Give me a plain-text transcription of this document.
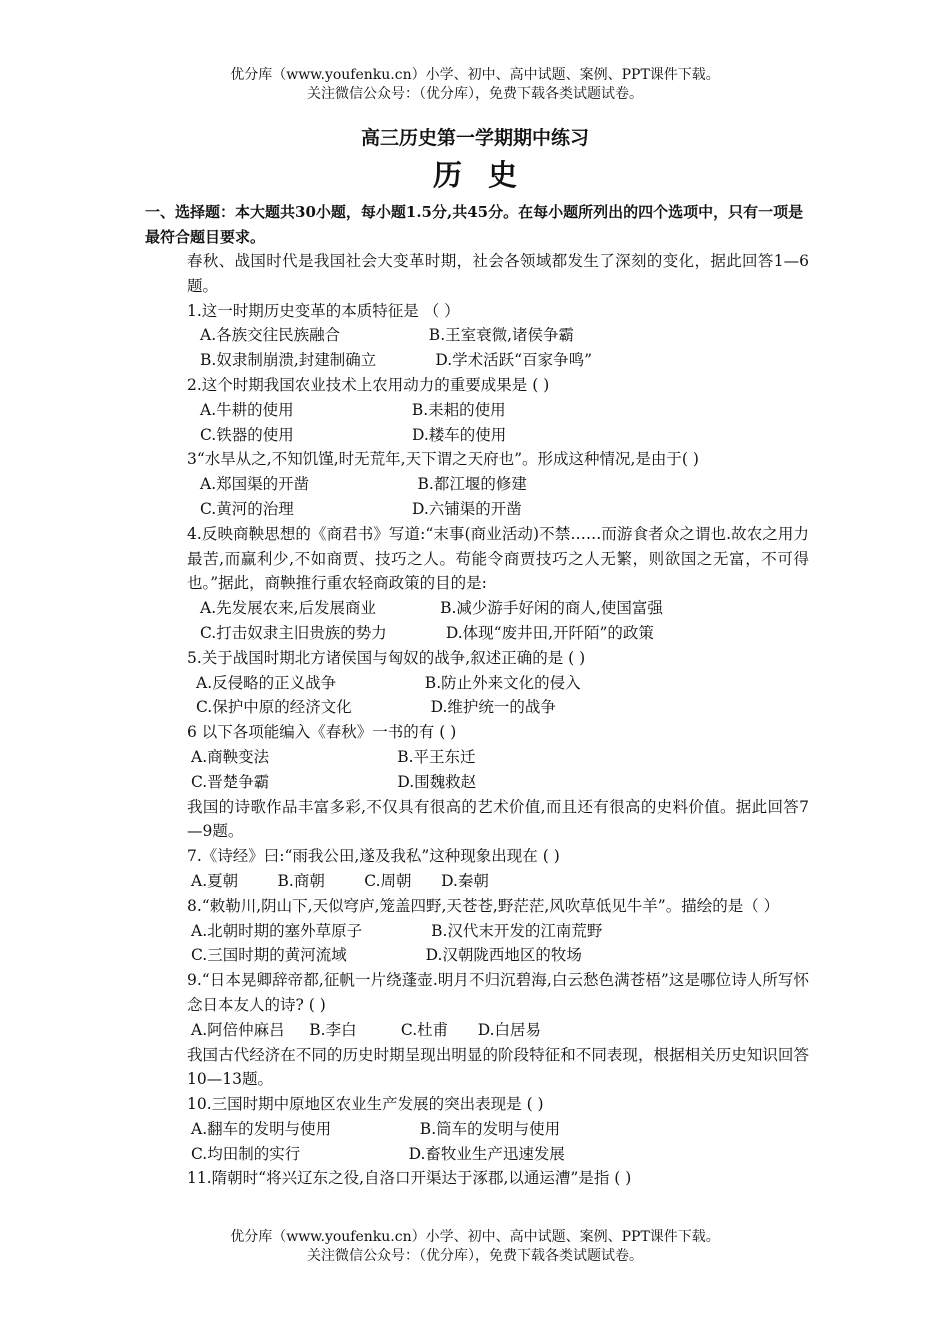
优分库（www.youfenku.cn）小学、初中、高中试题、案例、PPT课件下载。
关注微信公众号：（优分库），免费下载各类试题试卷。
高三历史第一学期期中练习
历史
一、选择题：本大题共30小题，每小题1.5分,共45分。在每小题所列出的四个选项中，只有一项是最符合题目要求。
春秋、战国时代是我国社会大变革时期，社会各领域都发生了深刻的变化，据此回答1—6题。
1.这一时期历史变革的本质特征是 （ ）
A.各族交往民族融合                  B.王室衰微,诸侯争霸
B.奴隶制崩溃,封建制确立            D.学术活跃“百家争鸣”
2.这个时期我国农业技术上农用动力的重要成果是 ( )
A.牛耕的使用                        B.耒耜的使用
C.铁器的使用                        D.耧车的使用
3“水旱从之,不知饥馑,时无荒年,天下谓之天府也”。形成这种情况,是由于( )
A.郑国渠的开凿                      B.都江堰的修建
C.黄河的治理                        D.六铺渠的开凿
4.反映商鞅思想的《商君书》写道:“末事(商业活动)不禁……而游食者众之谓也.故农之用力最苦,而赢利少,不如商贾、技巧之人。苟能令商贾技巧之人无繁，则欲国之无富，不可得也。”据此，商鞅推行重农轻商政策的目的是:
A.先发展农来,后发展商业             B.减少游手好闲的商人,使国富强
C.打击奴隶主旧贵族的势力            D.体现“废井田,开阡陌”的政策
5.关于战国时期北方诸侯国与匈奴的战争,叙述正确的是 ( )
A.反侵略的正义战争                  B.防止外来文化的侵入
C.保护中原的经济文化                D.维护统一的战争
6 以下各项能编入《春秋》一书的有 ( )
A.商鞅变法                          B.平王东迁
C.晋楚争霸                          D.围魏救赵
我国的诗歌作品丰富多彩,不仅具有很高的艺术价值,而且还有很高的史料价值。据此回答7—9题。
7.《诗经》曰:“雨我公田,遂及我私”这种现象出现在 ( )
A.夏朝        B.商朝        C.周朝      D.秦朝
8.“敕勒川,阴山下,天似穹庐,笼盖四野,天苍苍,野茫茫,风吹草低见牛羊”。描绘的是（ ）
A.北朝时期的塞外草原子              B.汉代末开发的江南荒野
C.三国时期的黄河流域                D.汉朝陇西地区的牧场
9.“日本晃卿辞帝都,征帆一片绕蓬壶.明月不归沉碧海,白云愁色满苍梧”这是哪位诗人所写怀念日本友人的诗? ( )
A.阿倍仲麻吕     B.李白         C.杜甫      D.白居易
我国古代经济在不同的历史时期呈现出明显的阶段特征和不同表现，根据相关历史知识回答10—13题。
10.三国时期中原地区农业生产发展的突出表现是 ( )
A.翻车的发明与使用                  B.筒车的发明与使用
C.均田制的实行                      D.畜牧业生产迅速发展
11.隋朝时“将兴辽东之役,自洛口开渠达于涿郡,以通运漕”是指 ( )
优分库（www.youfenku.cn）小学、初中、高中试题、案例、PPT课件下载。
关注微信公众号：（优分库），免费下载各类试题试卷。
